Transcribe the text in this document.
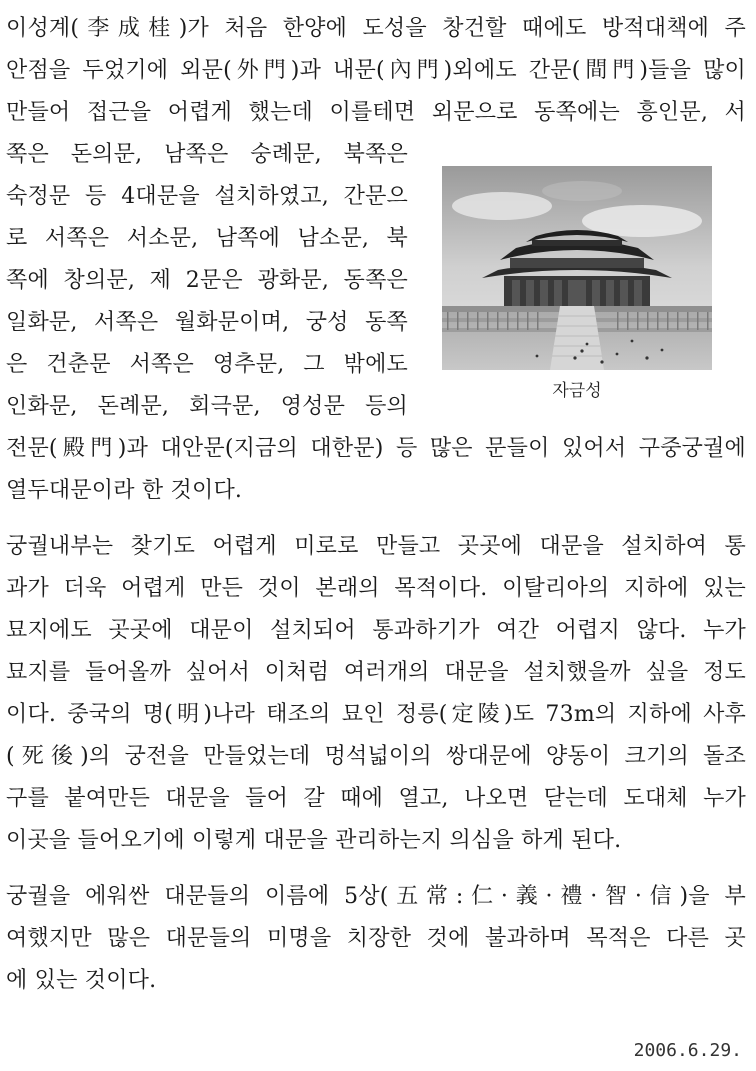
이성계(李成桂)가 처음 한양에 도성을 창건할 때에도 방적대책에 주
안점을 두었기에 외문(外門)과 내문(內門)외에도 간문(間門)들을 많이
만들어 접근을 어렵게 했는데 이를테면 외문으로 동쪽에는 흥인문, 서
쪽은 돈의문, 남쪽은 숭례문, 북쪽은
숙정문 등 4대문을 설치하였고, 간문으
로 서쪽은 서소문, 남쪽에 남소문, 북
쪽에 창의문, 제 2문은 광화문, 동쪽은
일화문, 서쪽은 월화문이며, 궁성 동쪽
은 건춘문 서쪽은 영추문, 그 밖에도
인화문, 돈례문, 회극문, 영성문 등의
전문(殿門)과 대안문(지금의 대한문) 등 많은 문들이 있어서 구중궁궐에
열두대문이라 한 것이다.
궁궐내부는 찾기도 어렵게 미로로 만들고 곳곳에 대문을 설치하여 통
과가 더욱 어렵게 만든 것이 본래의 목적이다. 이탈리아의 지하에 있는
묘지에도 곳곳에 대문이 설치되어 통과하기가 여간 어렵지 않다. 누가
묘지를 들어올까 싶어서 이처럼 여러개의 대문을 설치했을까 싶을 정도
이다. 중국의 명(明)나라 태조의 묘인 정릉(定陵)도 73m의 지하에 사후
(死後)의 궁전을 만들었는데 멍석넓이의 쌍대문에 양동이 크기의 돌조
구를 붙여만든 대문을 들어 갈 때에 열고, 나오면 닫는데 도대체 누가
이곳을 들어오기에 이렇게 대문을 관리하는지 의심을 하게 된다.
궁궐을 에워싼 대문들의 이름에 5상(五常:仁·義·禮·智·信)을 부
여했지만 많은 대문들의 미명을 치장한 것에 불과하며 목적은 다른 곳
에 있는 것이다.
자금성
2006.6.29.
